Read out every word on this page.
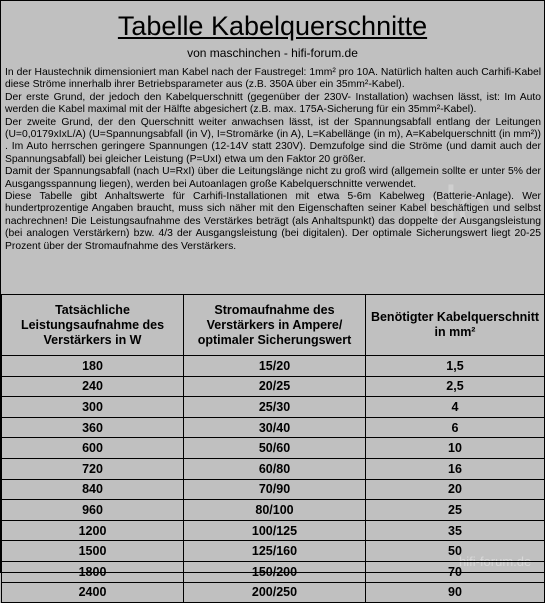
de
hifi-forum.de
Tabelle Kabelquerschnitte
von maschinchen - hifi-forum.de

In der Haustechnik dimensioniert man Kabel nach der Faustregel: 1mm² pro 10A. Natürlich halten auch Carhifi-Kabel diese Ströme innerhalb ihrer Betriebsparameter aus (z.B. 350A über ein 35mm²-Kabel).

Der erste Grund, der jedoch den Kabelquerschnitt (gegenüber der 230V- Installation) wachsen lässt, ist: Im Auto werden die Kabel maximal mit der Hälfte abgesichert (z.B. max. 175A-Sicherung für ein 35mm²-Kabel).

Der zweite Grund, der den Querschnitt weiter anwachsen lässt, ist der Spannungsabfall entlang der Leitungen (U=0,0179xIxL/A) (U=Spannungsabfall (in V), I=Stromärke (in A), L=Kabellänge (in m), A=Kabelquerschnitt (in mm²)) . Im Auto herrschen geringere Spannungen (12-14V statt 230V). Demzufolge sind die Ströme (und damit auch der Spannungsabfall) bei gleicher Leistung (P=UxI) etwa um den Faktor 20 größer.

Damit der Spannungsabfall (nach U=RxI) über die Leitungslänge nicht zu groß wird (allgemein sollte er unter 5% der Ausgangsspannung liegen), werden bei Autoanlagen große Kabelquerschnitte verwendet.

Diese Tabelle gibt Anhaltswerte für Carhifi-Installationen mit etwa 5-6m Kabelweg (Batterie-Anlage). Wer hundertprozentige Angaben braucht, muss sich näher mit den Eigenschaften seiner Kabel beschäftigen und selbst nachrechnen! Die Leistungsaufnahme des Verstärkes beträgt (als Anhaltspunkt) das doppelte der Ausgangsleistung (bei analogen Verstärkern) bzw. 4/3 der Ausgangsleistung (bei digitalen). Der optimale Sicherungswert liegt 20-25 Prozent über der Stromaufnahme des Verstärkers.

Tatsächliche Leistungsaufnahme des Verstärkers in W	Stromaufnahme des Verstärkers in Ampere/ optimaler Sicherungswert	Benötigter Kabelquerschnitt in mm²
180	15/20	1,5
240	20/25	2,5
300	25/30	4
360	30/40	6
600	50/60	10
720	60/80	16
840	70/90	20
960	80/100	25
1200	100/125	35
1500	125/160	50
1800	150/200	70
2400	200/250	90
